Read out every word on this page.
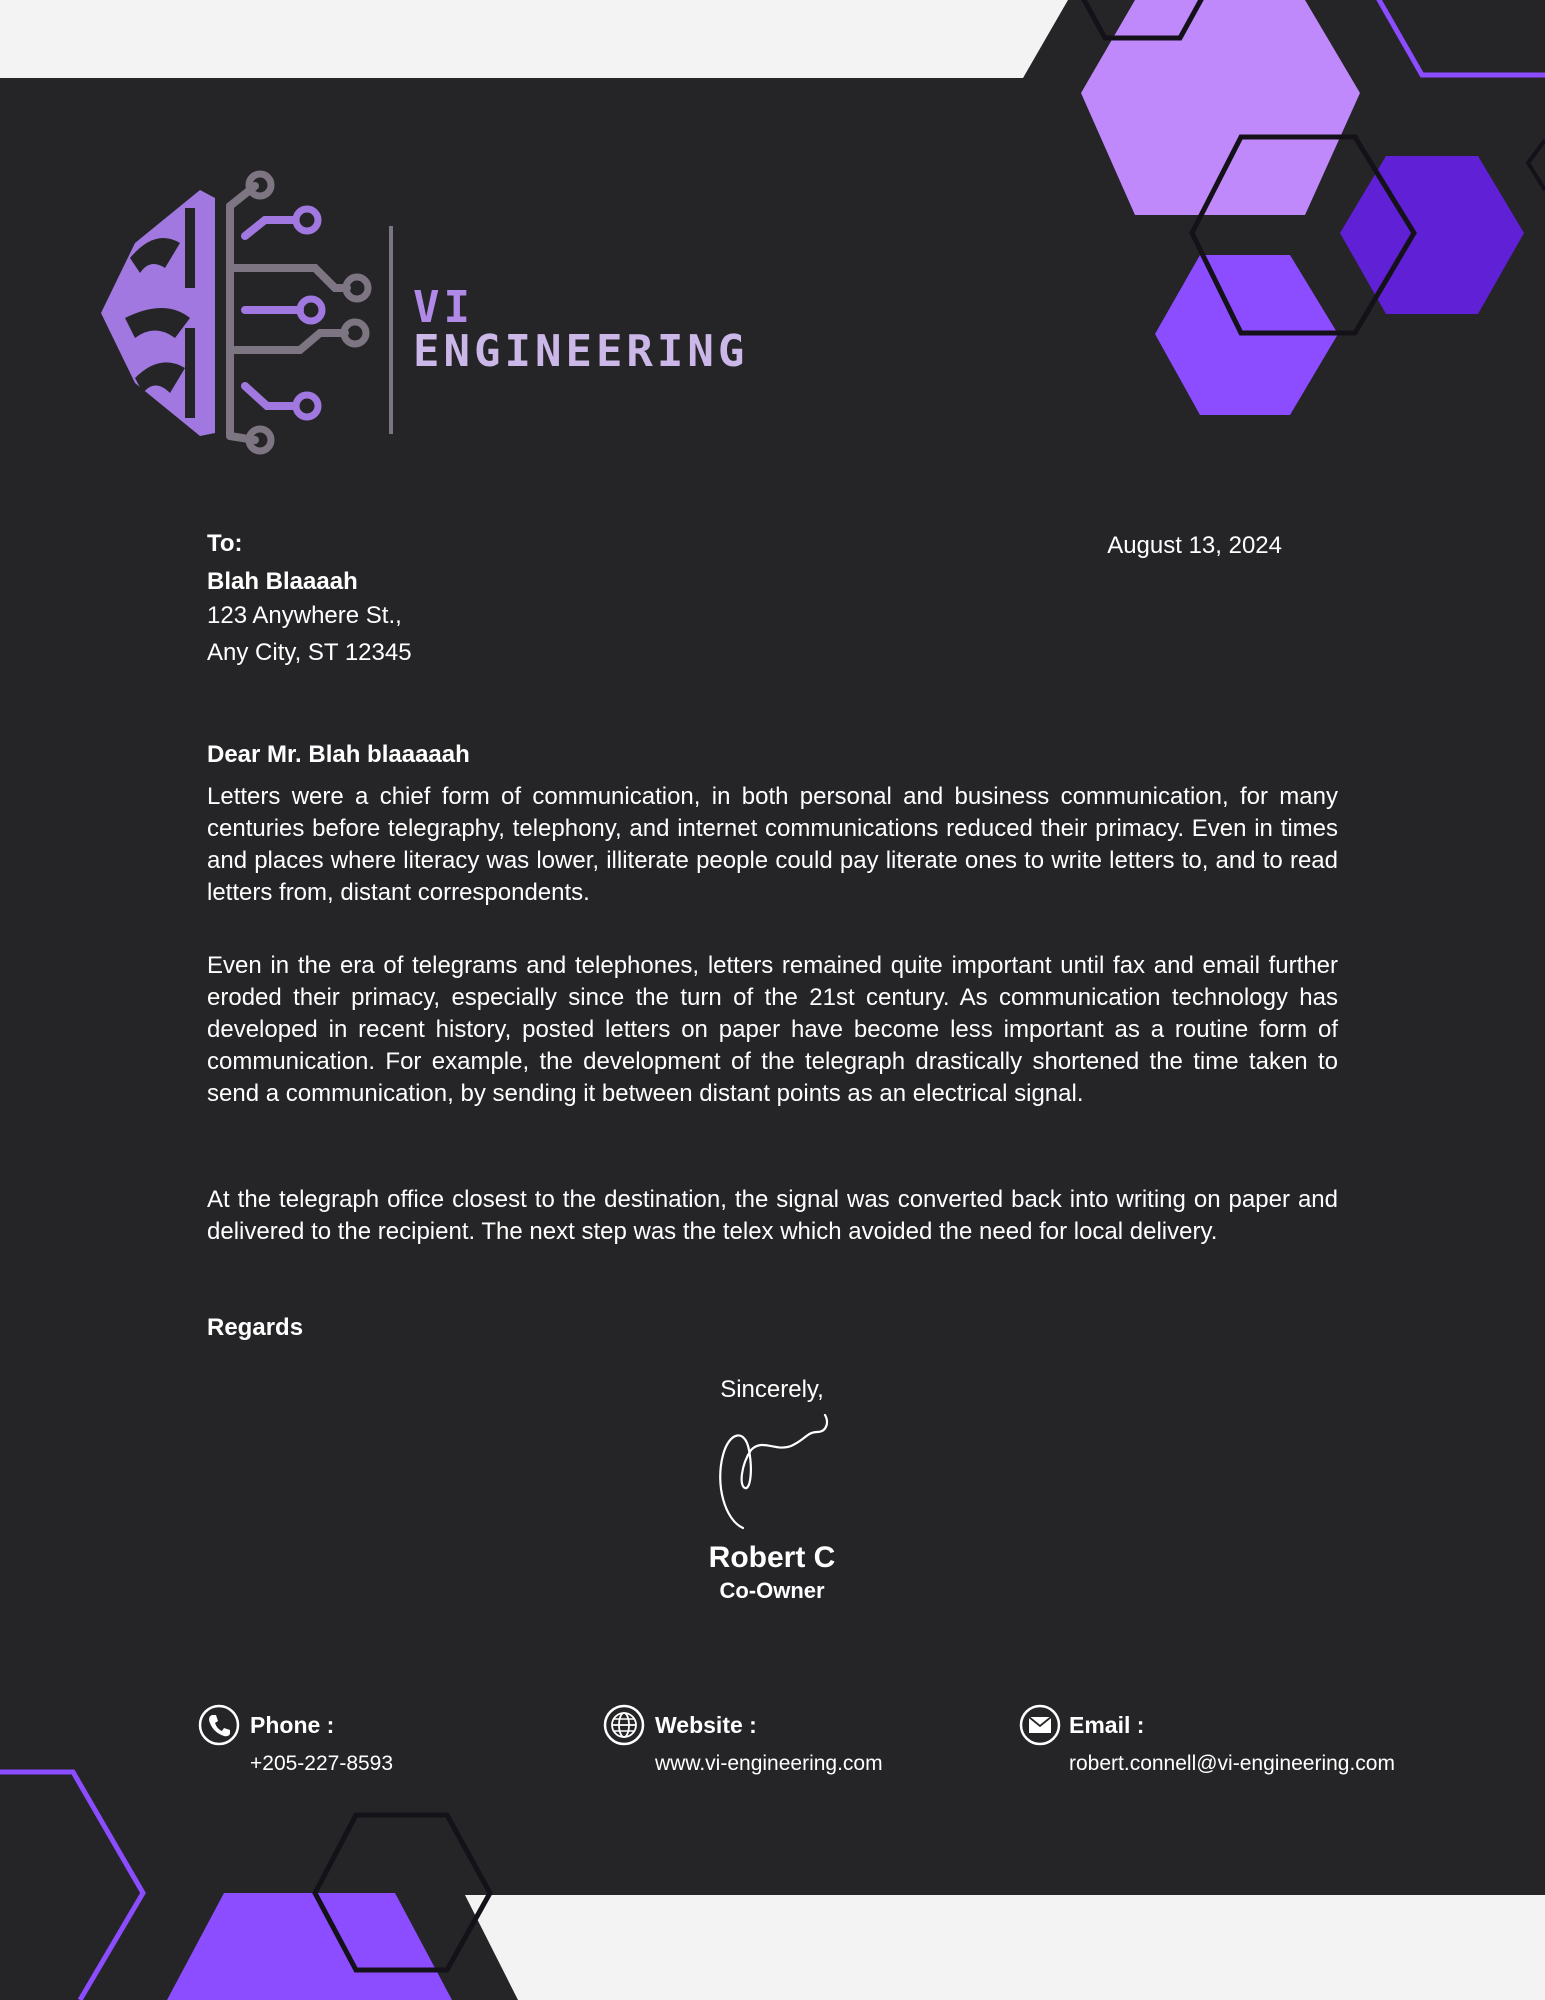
VI
ENGINEERING
To:
Blah Blaaaah
123 Anywhere St.,
Any City, ST 12345
August 13, 2024
Dear Mr. Blah blaaaaah

Letters were a chief form of communication, in both personal and business communication, for many centuries before telegraphy, telephony, and internet communications reduced their primacy. Even in times and places where literacy was lower, illiterate people could pay literate ones to write letters to, and to read letters from, distant correspondents.

Even in the era of telegrams and telephones, letters remained quite important until fax and email further eroded their primacy, especially since the turn of the 21st century. As communication technology has developed in recent history, posted letters on paper have become less important as a routine form of communication. For example, the development of the telegraph drastically shortened the time taken to send a communication, by sending it between distant points as an electrical signal.

At the telegraph office closest to the destination, the signal was converted back into writing on paper and delivered to the recipient. The next step was the telex which avoided the need for local delivery.

Regards
Sincerely,
Robert C
Co-Owner
Phone :
+205-227-8593
Website :
www.vi-engineering.com
Email :
robert.connell@vi-engineering.com
